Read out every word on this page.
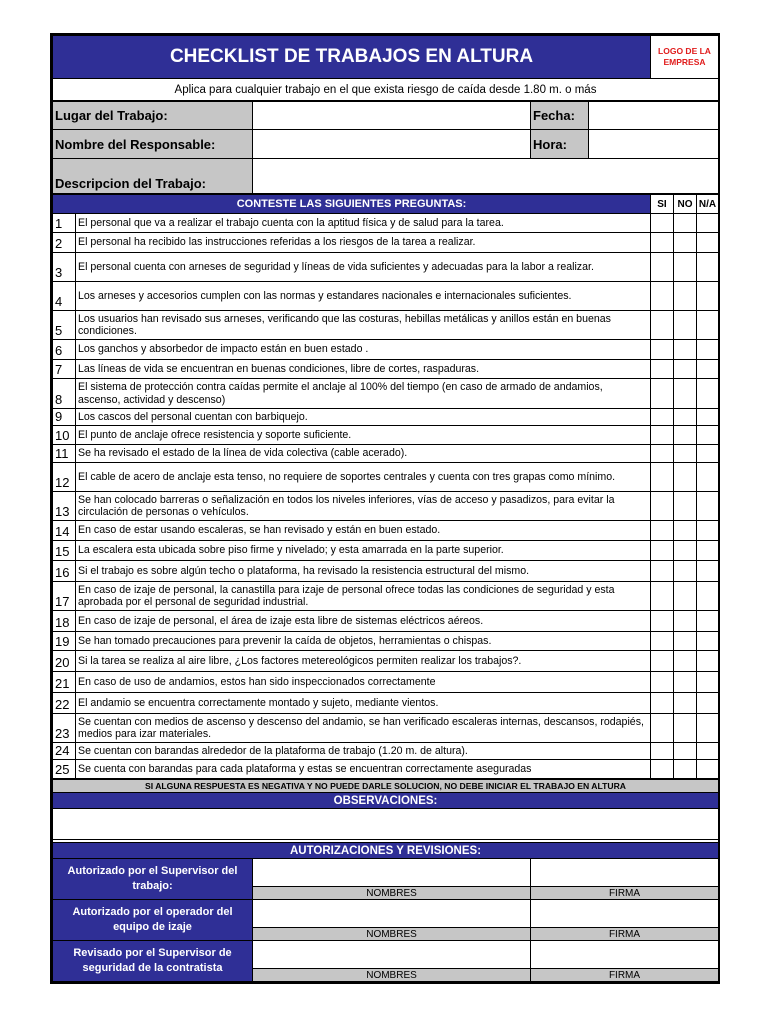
CHECKLIST DE TRABAJOS EN ALTURA	LOGO DE LA
EMPRESA

Aplica para cualquier trabajo en el que exista riesgo de caída desde 1.80 m. o más
Lugar del Trabajo:		Fecha:	
Nombre del Responsable:		Hora:	
Descripcion del Trabajo:			
CONTESTE LAS SIGUIENTES PREGUNTAS:		SI	NO	N/A
1	El personal que va a realizar el trabajo cuenta con la aptitud física y de salud para la tarea.			
2	El personal ha recibido las instrucciones referidas a los riesgos de la tarea a realizar.			
3	El personal cuenta con arneses de seguridad y líneas de vida suficientes y adecuadas para la labor a realizar.			
4	Los arneses y accesorios cumplen con las normas y estandares nacionales e internacionales suficientes.			
5	Los usuarios han revisado sus arneses, verificando que las costuras, hebillas metálicas y anillos están en buenas condiciones.			
6	Los ganchos y absorbedor de impacto están en buen estado .			
7	Las líneas de vida se encuentran en buenas condiciones, libre de cortes, raspaduras.			
8	El sistema de protección contra caídas permite el anclaje al 100% del tiempo (en caso de armado de andamios, ascenso, actividad y descenso)			
9	Los cascos del personal cuentan con barbiquejo.			
10	El punto de anclaje ofrece resistencia y soporte suficiente.			
11	Se ha revisado el estado de la línea de vida colectiva (cable acerado).			
12	El cable de acero de anclaje esta tenso, no requiere de soportes centrales y cuenta con tres grapas como mínimo.			
13	Se han colocado barreras o señalización en todos los niveles inferiores, vías de acceso y pasadizos, para evitar la circulación de personas o vehículos.			
14	En caso de estar usando escaleras, se han revisado y están en buen estado.			
15	La escalera esta ubicada sobre piso firme y nivelado; y esta amarrada en la parte superior.			
16	Si el trabajo es sobre algún techo o plataforma, ha revisado la resistencia estructural del mismo.			
17	En caso de izaje de personal, la canastilla para izaje de personal ofrece todas las condiciones de seguridad y esta aprobada por el personal de seguridad industrial.			
18	En caso de izaje de personal, el área de izaje esta libre de sistemas eléctricos aéreos.			
19	Se han tomado precauciones para prevenir la caída de objetos, herramientas o chispas.			
20	Si la tarea se realiza al aire libre, ¿Los factores metereológicos permiten realizar los trabajos?.			
21	En caso de uso de andamios, estos han sido inspeccionados correctamente			
22	El andamio se encuentra correctamente montado y sujeto, mediante vientos.			
23	Se cuentan con medios de ascenso y descenso del andamio, se han verificado escaleras internas, descansos, rodapiés, medios para izar materiales.			
24	Se cuentan con barandas alrededor de la plataforma de trabajo (1.20 m. de altura).			
25	Se cuenta con barandas para cada plataforma y estas se encuentran correctamente aseguradas			
SI ALGUNA RESPUESTA ES NEGATIVA Y NO PUEDE DARLE SOLUCION, NO DEBE INICIAR EL TRABAJO EN ALTURA		
OBSERVACIONES:		

AUTORIZACIONES Y REVISIONES:		

Autorizado por el Supervisor del
trabajo:		

	NOMBRES	FIRMA

Autorizado por el operador del
equipo de izaje		

	NOMBRES	FIRMA

Revisado por el Supervisor de
seguridad de la contratista		

	NOMBRES	FIRMA
